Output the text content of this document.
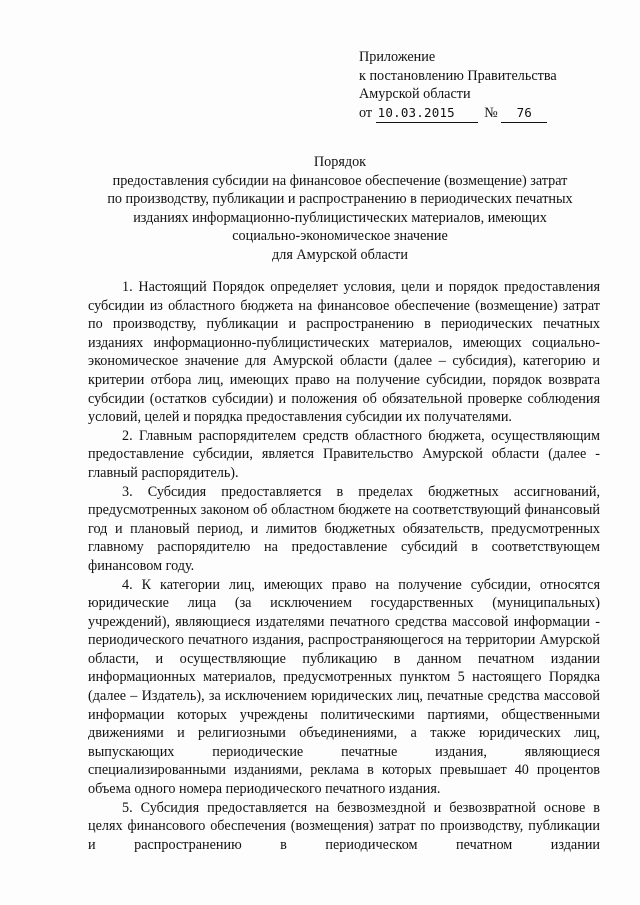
Приложение
к постановлению Правительства
Амурской области
от 10.03.2015 № 76
Порядок
предоставления субсидии на финансовое обеспечение (возмещение) затрат
по производству, публикации и распространению в периодических печатных
изданиях информационно-публицистических материалов, имеющих
социально-экономическое значение
для Амурской области

1. Настоящий Порядок определяет условия, цели и порядок предоставления субсидии из областного бюджета на финансовое обеспечение (возмещение) затрат по производству, публикации и распространению в периодических печатных изданиях информационно-публицистических материалов, имеющих социально-экономическое значение для Амурской области (далее – субсидия), категорию и критерии отбора лиц, имеющих право на получение субсидии, порядок возврата субсидии (остатков субсидии) и положения об обязательной проверке соблюдения условий, целей и порядка предоставления субсидии их получателями.

2. Главным распорядителем средств областного бюджета, осуществляющим предоставление субсидии, является Правительство Амурской области (далее - главный распорядитель).

3. Субсидия предоставляется в пределах бюджетных ассигнований, предусмотренных законом об областном бюджете на соответствующий финансовый год и плановый период, и лимитов бюджетных обязательств, предусмотренных главному распорядителю на предоставление субсидий в соответствующем финансовом году.

4. К категории лиц, имеющих право на получение субсидии, относятся юридические лица (за исключением государственных (муниципальных) учреждений), являющиеся издателями печатного средства массовой информации - периодического печатного издания, распространяющегося на территории Амурской области, и осуществляющие публикацию в данном печатном издании информационных материалов, предусмотренных пунктом 5 настоящего Порядка (далее – Издатель), за исключением юридических лиц, печатные средства массовой информации которых учреждены политическими партиями, общественными движениями и религиозными объединениями, а также юридических лиц, выпускающих периодические печатные издания, являющиеся специализированными изданиями, реклама в которых превышает 40 процентов объема одного номера периодического печатного издания.

5. Субсидия предоставляется на безвозмездной и безвозвратной основе в целях финансового обеспечения (возмещения) затрат по производству, публикации и распространению в периодическом печатном издании
